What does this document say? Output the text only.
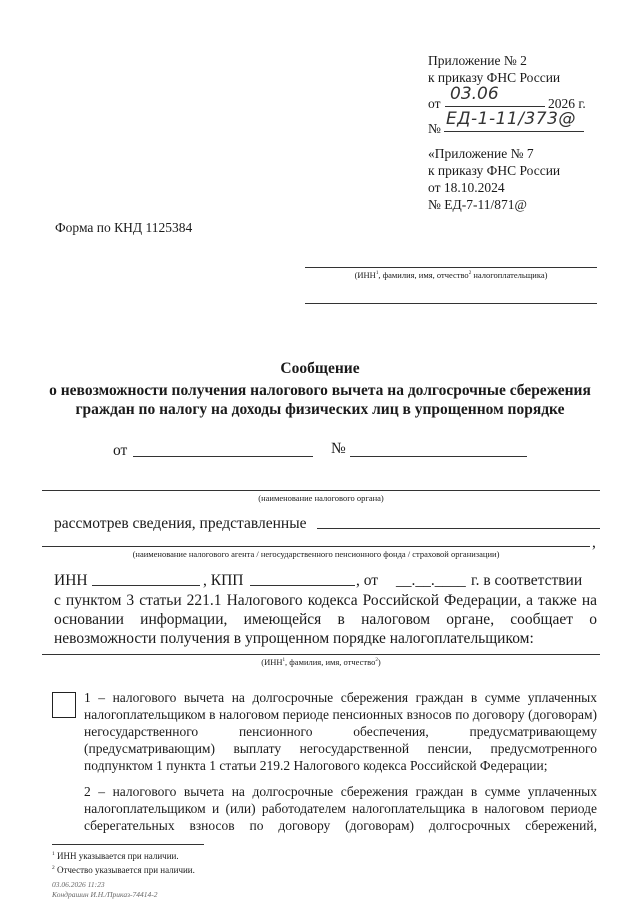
Приложение № 2
к приказу ФНС России
от 03.06	2026 г.
№ ЕД-1-11/373@
«Приложение № 7
к приказу ФНС России
от 18.10.2024
№ ЕД-7-11/871@
Форма по КНД 1125384
(ИНН$^1$, фамилия, имя, отчество$^2$ налогоплательщика)
Сообщение
о невозможности получения налогового вычета на долгосрочные сбережения
граждан по налогу на доходы физических лиц в упрощенном порядке
от	№
(наименование налогового органа)
рассмотрев сведения, представленные
,
(наименование налогового агента / негосударственного пенсионного фонда / страховой организации)
ИНН	, КПП	, от __.__.____ г. в соответствии
с пунктом 3 статьи 221.1 Налогового кодекса Российской Федерации, а также на
основании информации, имеющейся в налоговом органе, сообщает о
невозможности получения в упрощенном порядке налогоплательщиком:
(ИНН$^1$, фамилия, имя, отчество$^2$)
1 – налогового вычета на долгосрочные сбережения граждан в сумме уплаченных
налогоплательщиком в налоговом периоде пенсионных взносов по договору (договорам)
негосударственного пенсионного обеспечения, предусматривающему
(предусматривающим) выплату негосударственной пенсии, предусмотренного
подпунктом 1 пункта 1 статьи 219.2 Налогового кодекса Российской Федерации;
2 – налогового вычета на долгосрочные сбережения граждан в сумме уплаченных
налогоплательщиком и (или) работодателем налогоплательщика в налоговом периоде
сберегательных взносов по договору (договорам) долгосрочных сбережений,
$^1$ ИНН указывается при наличии.
$^2$ Отчество указывается при наличии.
03.06.2026 11:23
Кондрашин И.Н./Приказ-74414-2
